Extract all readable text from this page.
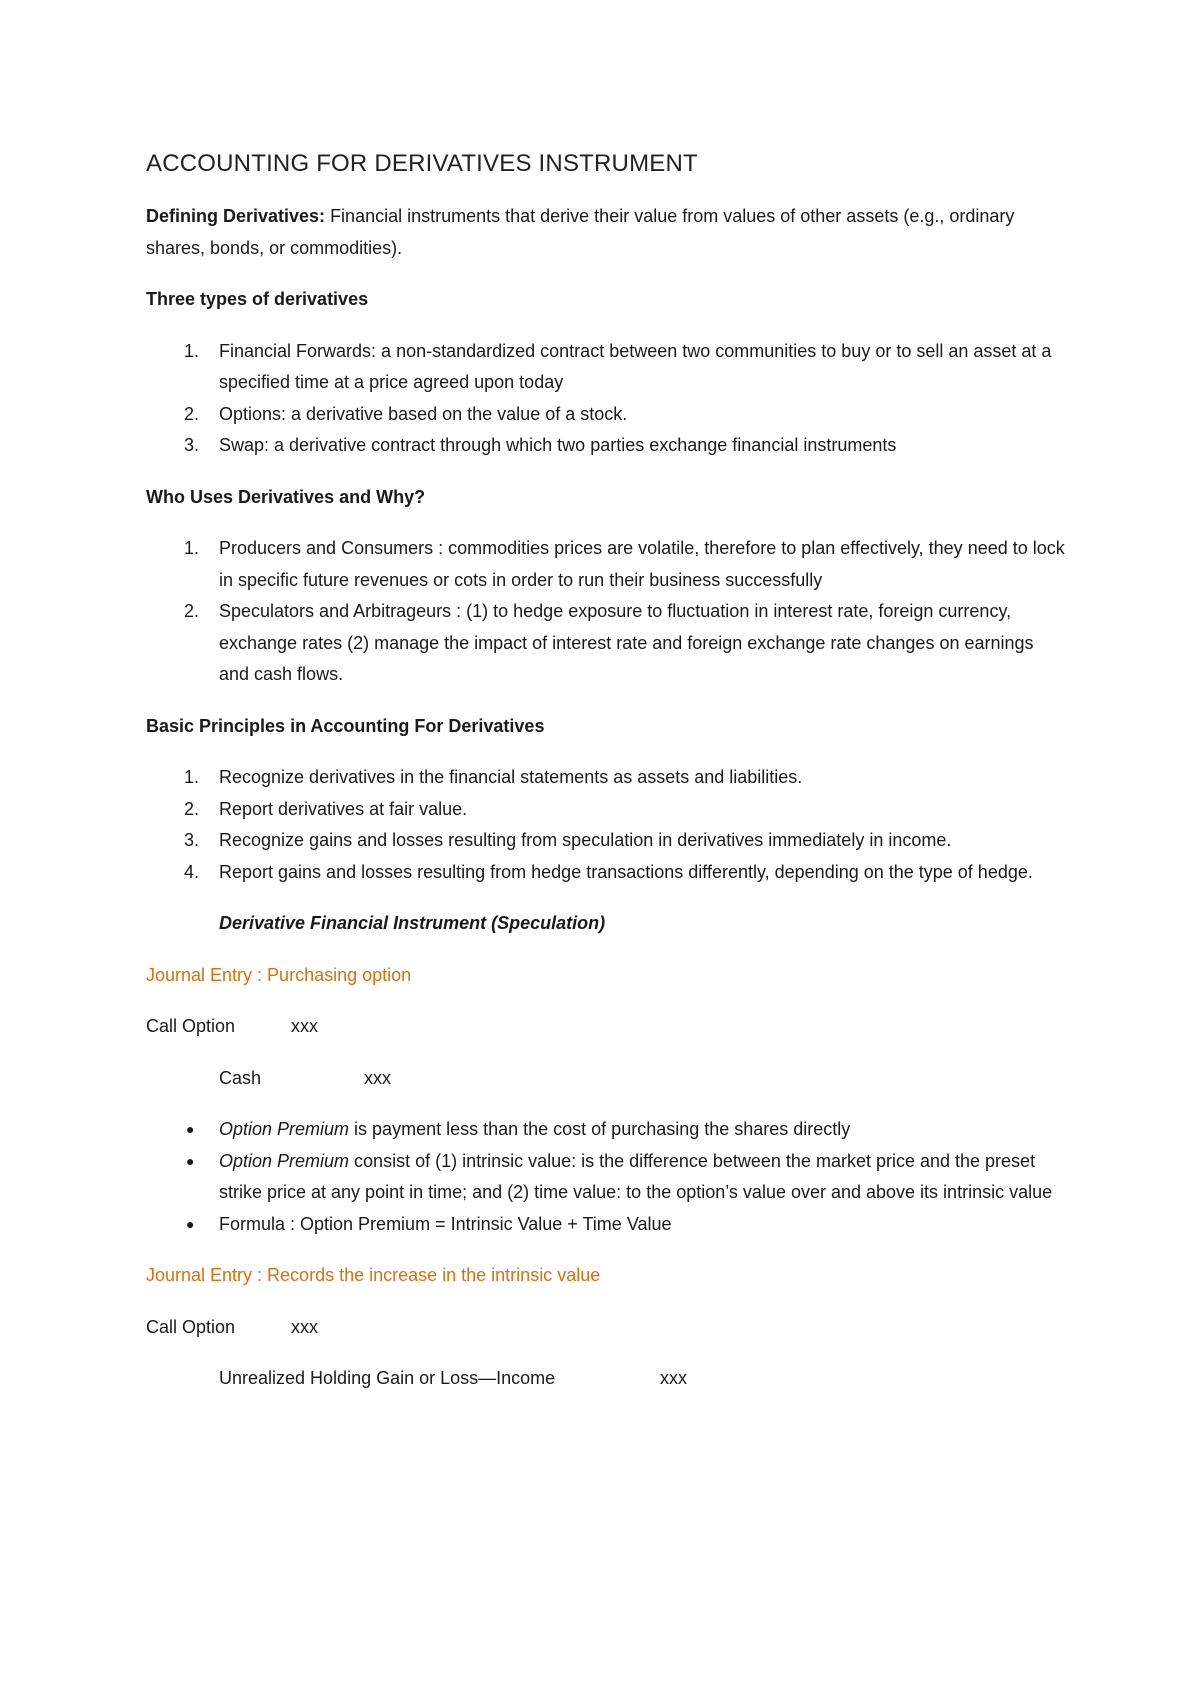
ACCOUNTING FOR DERIVATIVES INSTRUMENT

Defining Derivatives: Financial instruments that derive their value from values of other assets (e.g., ordinary shares, bonds, or commodities).

Three types of derivatives

1. Financial Forwards: a non-standardized contract between two communities to buy or to sell an asset at a specified time at a price agreed upon today
2. Options: a derivative based on the value of a stock.
3. Swap: a derivative contract through which two parties exchange financial instruments

Who Uses Derivatives and Why?

1. Producers and Consumers : commodities prices are volatile, therefore to plan effectively, they need to lock in specific future revenues or cots in order to run their business successfully
2. Speculators and Arbitrageurs : (1) to hedge exposure to fluctuation in interest rate, foreign currency, exchange rates (2) manage the impact of interest rate and foreign exchange rate changes on earnings and cash flows.

Basic Principles in Accounting For Derivatives

1. Recognize derivatives in the financial statements as assets and liabilities.
2. Report derivatives at fair value.
3. Recognize gains and losses resulting from speculation in derivatives immediately in income.
4. Report gains and losses resulting from hedge transactions differently, depending on the type of hedge.

Derivative Financial Instrument (Speculation)

Journal Entry : Purchasing option

Call Option	xxx

Cash	xxx

● Option Premium is payment less than the cost of purchasing the shares directly
● Option Premium consist of (1) intrinsic value: is the difference between the market price and the preset strike price at any point in time; and (2) time value: to the option’s value over and above its intrinsic value
● Formula : Option Premium = Intrinsic Value + Time Value

Journal Entry : Records the increase in the intrinsic value

Call Option	xxx

Unrealized Holding Gain or Loss—Income	xxx
